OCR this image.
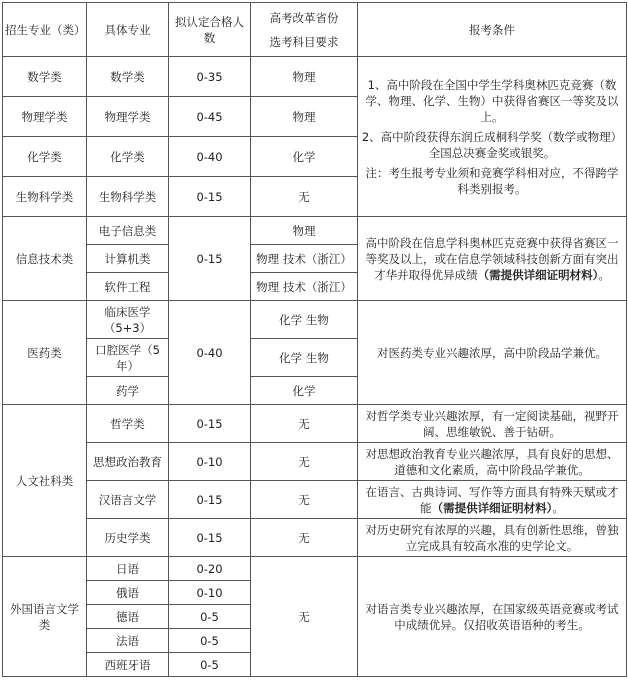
招生专业（类）	具体专业	拟认定合格人数	高考改革省份
选考科目要求	报考条件
数学类	数学类	0-35	物理	1、高中阶段在全国中学生学科奥林匹克竞赛（数学、物理、化学、生物）中获得省赛区一等奖及以上。
2、高中阶段获得东润丘成桐科学奖（数学或物理）全国总决赛金奖或银奖。
注：考生报考专业须和竞赛学科相对应，不得跨学科类别报考。

物理学类	物理学类	0-45	物理	
化学类	化学类	0-40	化学	
生物科学类	生物科学类	0-15	无	
信息技术类	电子信息类	0-15	物理	高中阶段在信息学科奥林匹克竞赛中获得省赛区一等奖及以上，或在信息学领域科技创新方面有突出才华并取得优异成绩（需提供详细证明材料）。
	计算机类		物理 技术（浙江）	
	软件工程		物理 技术（浙江）	
医药类	临床医学（5+3）	0-40	化学 生物	对医药类专业兴趣浓厚，高中阶段品学兼优。
	口腔医学（5年）		化学 生物	
	药学		化学	
人文社科类	哲学类	0-15	无	对哲学类专业兴趣浓厚，有一定阅读基础，视野开阔、思维敏锐、善于钻研。
	思想政治教育	0-10	无	对思想政治教育专业兴趣浓厚，具有良好的思想、道德和文化素质，高中阶段品学兼优。
	汉语言文学	0-15	无	在语言、古典诗词、写作等方面具有特殊天赋或才能（需提供详细证明材料）。
	历史学类	0-15	无	对历史研究有浓厚的兴趣，具有创新性思维，曾独立完成具有较高水准的史学论文。
外国语言文学类	日语	0-20	无	对语言类专业兴趣浓厚，在国家级英语竞赛或考试中成绩优异。仅招收英语语种的考生。
	俄语	0-10		
	德语	0-5		
	法语	0-5		
	西班牙语	0-5		
